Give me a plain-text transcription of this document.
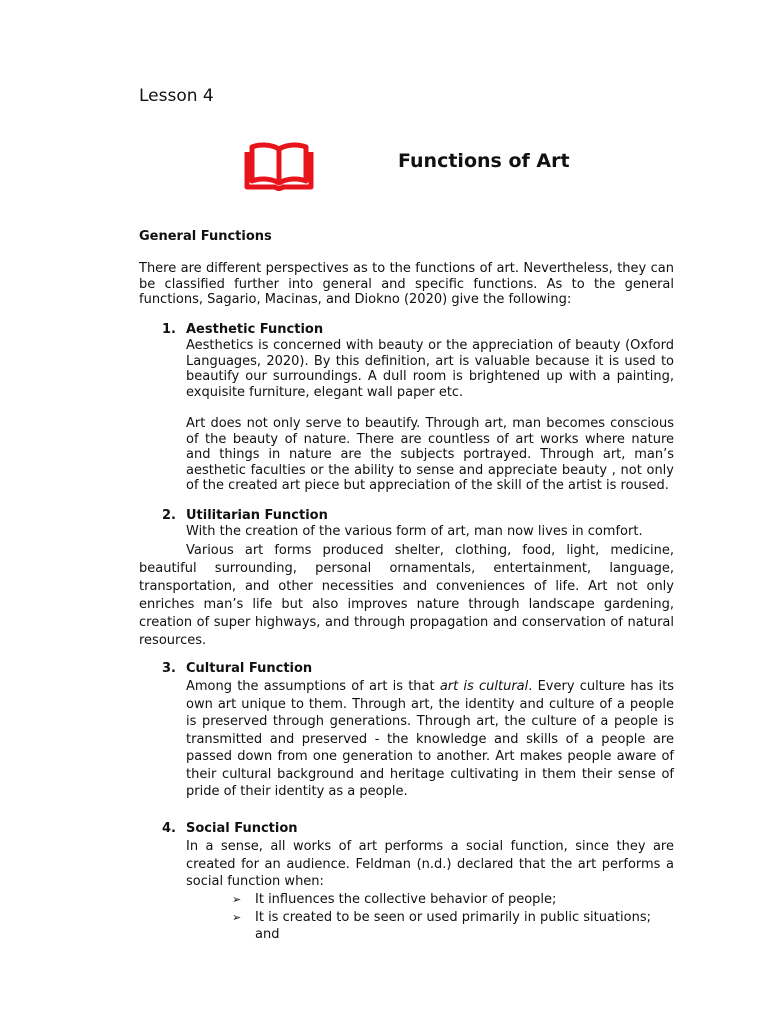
Lesson 4

Functions of Art
General Functions

There are different perspectives as to the functions of art. Nevertheless, they can be classified further into general and specific functions. As to the general functions, Sagario, Macinas, and Diokno (2020) give the following:

1. Aesthetic Function

Aesthetics is concerned with beauty or the appreciation of beauty (Oxford Languages, 2020). By this definition, art is valuable because it is used to beautify our surroundings. A dull room is brightened up with a painting, exquisite furniture, elegant wall paper etc.

Art does not only serve to beautify. Through art, man becomes conscious of the beauty of nature. There are countless of art works where nature and things in nature are the subjects portrayed. Through art, man’s aesthetic faculties or the ability to sense and appreciate beauty , not only of the created art piece but appreciation of the skill of the artist is roused.

2. Utilitarian Function

With the creation of the various form of art, man now lives in comfort.

Various art forms produced shelter, clothing, food, light, medicine, beautiful surrounding, personal ornamentals, entertainment, language, transportation, and other necessities and conveniences of life. Art not only enriches man’s life but also improves nature through landscape gardening, creation of super highways, and through propagation and conservation of natural resources.

3. Cultural Function

Among the assumptions of art is that art is cultural. Every culture has its own art unique to them. Through art, the identity and culture of a people is preserved through generations. Through art, the culture of a people is transmitted and preserved - the knowledge and skills of a people are passed down from one generation to another. Art makes people aware of their cultural background and heritage cultivating in them their sense of pride of their identity as a people.

4. Social Function

In a sense, all works of art performs a social function, since they are created for an audience. Feldman (n.d.) declared that the art performs a social function when:

➢ It influences the collective behavior of people;
➢ It is created to be seen or used primarily in public situations; and
